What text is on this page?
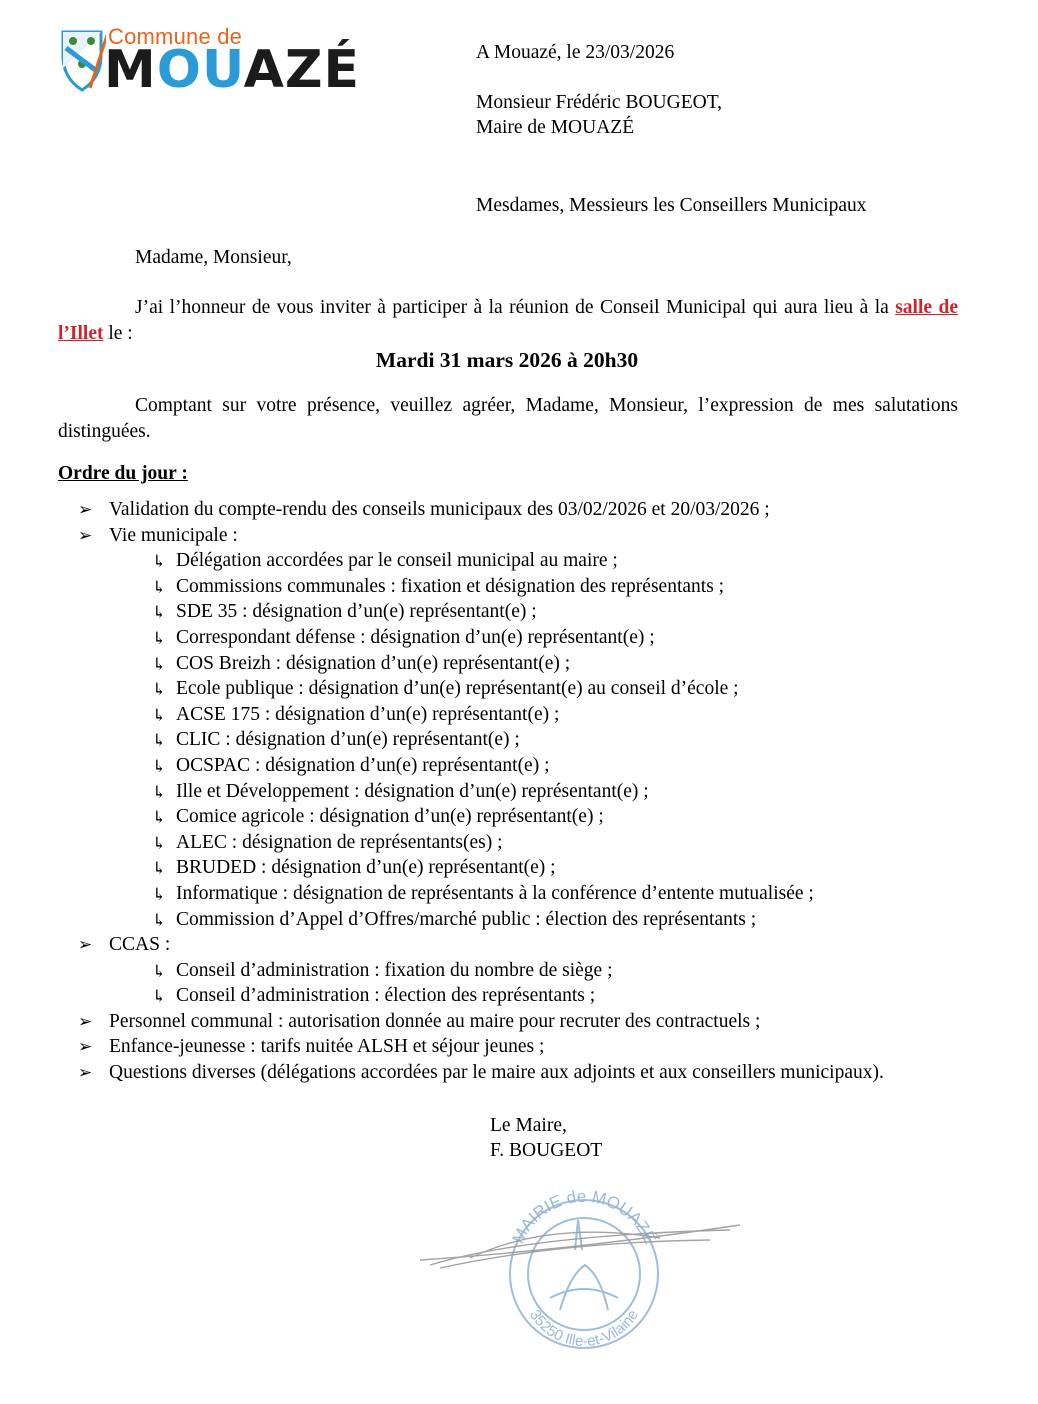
Commune de
MOUAZÉ	A Mouazé, le 23/03/2026
Monsieur Frédéric BOUGEOT,
Maire de MOUAZÉ
Mesdames, Messieurs les Conseillers Municipaux
Madame, Monsieur,
J’ai l’honneur de vous inviter à participer à la réunion de Conseil Municipal qui aura lieu à la salle de l’Illet le :
Mardi 31 mars 2026 à 20h30
Comptant sur votre présence, veuillez agréer, Madame, Monsieur, l’expression de mes salutations distinguées.
Ordre du jour :
➢ Validation du compte-rendu des conseils municipaux des 03/02/2026 et 20/03/2026 ;
➢ Vie municipale :
↳ Délégation accordées par le conseil municipal au maire ;
↳ Commissions communales : fixation et désignation des représentants ;
↳ SDE 35 : désignation d’un(e) représentant(e) ;
↳ Correspondant défense : désignation d’un(e) représentant(e) ;
↳ COS Breizh : désignation d’un(e) représentant(e) ;
↳ Ecole publique : désignation d’un(e) représentant(e) au conseil d’école ;
↳ ACSE 175 : désignation d’un(e) représentant(e) ;
↳ CLIC : désignation d’un(e) représentant(e) ;
↳ OCSPAC : désignation d’un(e) représentant(e) ;
↳ Ille et Développement : désignation d’un(e) représentant(e) ;
↳ Comice agricole : désignation d’un(e) représentant(e) ;
↳ ALEC : désignation de représentants(es) ;
↳ BRUDED : désignation d’un(e) représentant(e) ;
↳ Informatique : désignation de représentants à la conférence d’entente mutualisée ;
↳ Commission d’Appel d’Offres/marché public : élection des représentants ;
➢ CCAS :
↳ Conseil d’administration : fixation du nombre de siège ;
↳ Conseil d’administration : élection des représentants ;
➢ Personnel communal : autorisation donnée au maire pour recruter des contractuels ;
➢ Enfance-jeunesse : tarifs nuitée ALSH et séjour jeunes ;
➢ Questions diverses (délégations accordées par le maire aux adjoints et aux conseillers municipaux).
Le Maire,
F. BOUGEOT
MAIRIE de MOUAZÉ
35250 Ille-et-Vilaine
